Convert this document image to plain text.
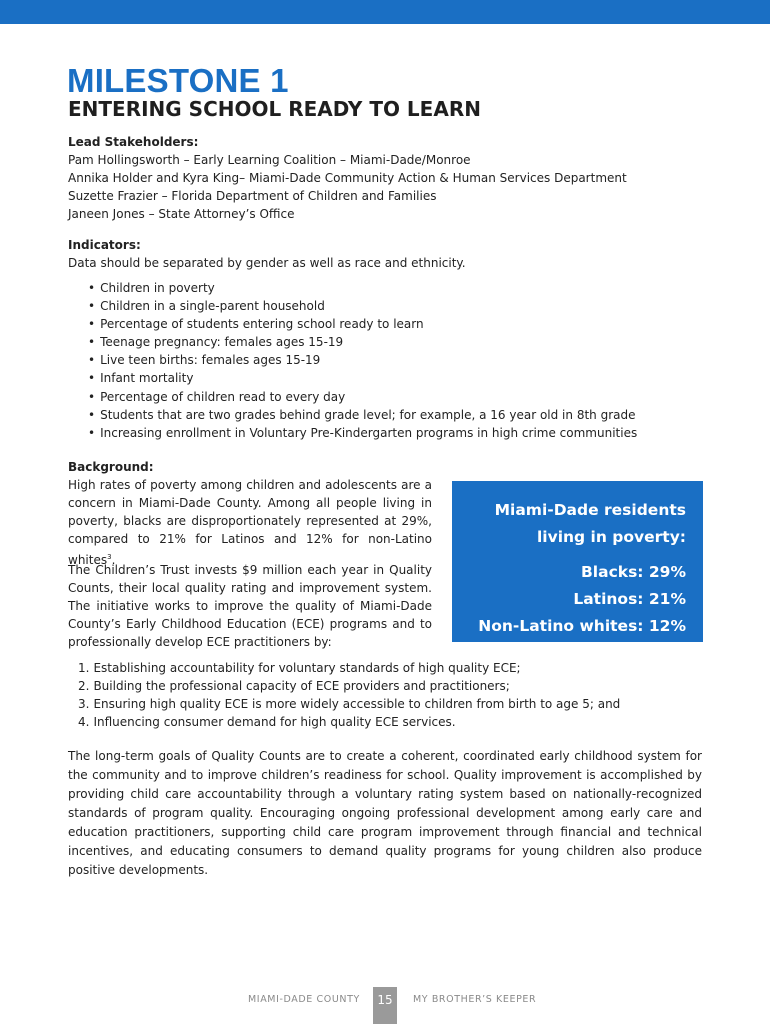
MILESTONE 1
ENTERING SCHOOL READY TO LEARN
Lead Stakeholders:
Pam Hollingsworth – Early Learning Coalition – Miami-Dade/Monroe
Annika Holder and Kyra King– Miami-Dade Community Action & Human Services Department
Suzette Frazier – Florida Department of Children and Families
Janeen Jones – State Attorney’s Office
Indicators:
Data should be separated by gender as well as race and ethnicity.
• Children in poverty
• Children in a single-parent household
• Percentage of students entering school ready to learn
• Teenage pregnancy: females ages 15-19
• Live teen births: females ages 15-19
• Infant mortality
• Percentage of children read to every day
• Students that are two grades behind grade level; for example, a 16 year old in 8th grade
• Increasing enrollment in Voluntary Pre-Kindergarten programs in high crime communities
Background:

High rates of poverty among children and adolescents are a concern in Miami-Dade County. Among all people living in poverty, blacks are disproportionately represented at 29%, compared to 21% for Latinos and 12% for non-Latino whites$^3$.

The Children’s Trust invests $9 million each year in Quality Counts, their local quality rating and improvement system. The initiative works to improve the quality of Miami-Dade County’s Early Childhood Education (ECE) programs and to professionally develop ECE practitioners by:

Miami-Dade residents
living in poverty:
Blacks: 29%
Latinos: 21%
Non-Latino whites: 12%
1. Establishing accountability for voluntary standards of high quality ECE;
2. Building the professional capacity of ECE providers and practitioners;
3. Ensuring high quality ECE is more widely accessible to children from birth to age 5; and
4. Influencing consumer demand for high quality ECE services.

The long-term goals of Quality Counts are to create a coherent, coordinated early childhood system for the community and to improve children’s readiness for school. Quality improvement is accomplished by providing child care accountability through a voluntary rating system based on nationally-recognized standards of program quality. Encouraging ongoing professional development among early care and education practitioners, supporting child care program improvement through financial and technical incentives, and educating consumers to demand quality programs for young children also produce positive developments.

MIAMI-DADE COUNTY	15	MY BROTHER’S KEEPER
